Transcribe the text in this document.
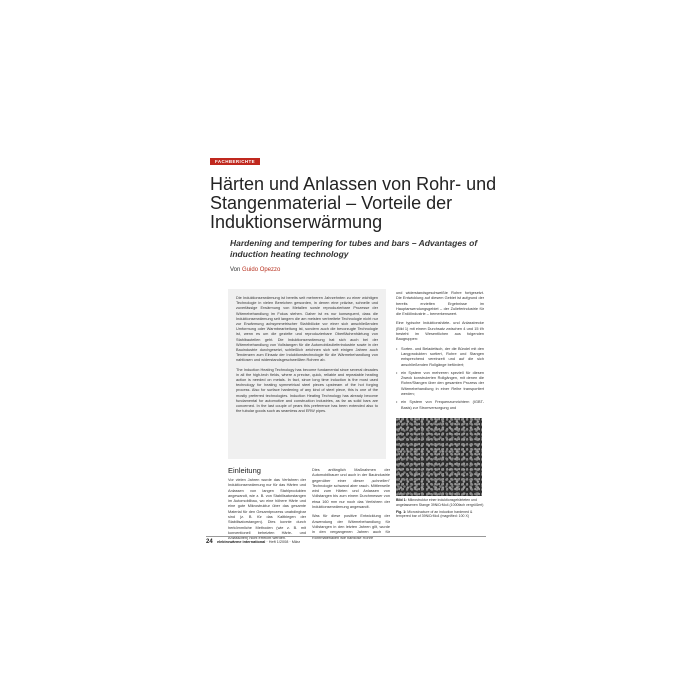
FACHBERICHTE
Härten und Anlassen von Rohr- und Stangenmaterial – Vorteile der Induktionserwärmung
Hardening and tempering for tubes and bars – Advantages of induction heating technology
Von Guido Opezzo

Die Induktionserwärmung ist bereits seit mehreren Jahrzehnten zu einer wichtigen Technologie in vielen Bereichen geworden, in denen eine präzise, schnelle und zuverlässige Erwärmung von Metallen sowie reproduzierbare Prozesse der Wärmebehandlung im Fokus stehen. Daher ist es nur konsequent, dass die Induktionserwärmung seit langem die am meisten verbreitete Technologie nicht nur zur Erwärmung achsymmetrischer Stahlblöcke vor einer sich anschließenden Umformung oder Warmbearbeitung ist, sondern auch die bevorzugte Technologie ist, wenn es um die gezielte und reproduzierbare Oberflächenhärtung von Stahlbauteilen geht. Die Induktionserwärmung hat sich auch bei der Wärmebehandlung von Vollstangen für die Automobilzulieferindustrie sowie in der Bauindustrie durchgesetzt, schließlich zeichnen sich seit einigen Jahren auch Tendenzen zum Einsatz der Induktionstechnologie für die Wärmebehandlung von nahtlosen und widerstandsgeschweißten Rohren ab.

The Induction Heating Technology has become fundamental since several decades in all the high-tech fields, where a precise, quick, reliable and repeatable heating action is needed on metals. In fact, since long time induction is the most used technology for heating symmetrical steel pieces upstream of the hot forging process. Also for surface hardening of any kind of steel piece, this is one of the mostly preferred technologies. Induction Heating Technology has already become fundamental for automotive and construction industries, as far as solid bars are concerned. In the last couple of years this preference has been extended also to the tubular goods such as seamless and ERW pipes.

und widerstandsgeschweißte Rohre fortgesetzt. Die Entwicklung auf diesem Gebiet ist aufgrund der bereits erzielten Ergebnisse im Hauptanwendungsgebiet – der Zulieferindustrie für die Erdölindustrie – bemerkenswert.

Eine typische Induktionshärte- und Anlasstrecke (Bild 1) mit einem Durchsatz zwischen 4 und 15 t/h besteht im Wesentlichen aus folgenden Baugruppen:

• Sorten- und Beladetisch, der die Bündel mit den Langprodukten sortiert, Rohre und Stangen entsprechend vereinzelt und auf die sich anschließenden Rollgänge befördert;
• ein System von mehreren speziell für diesen Zweck konstruierten Rollgängen, mit denen die Rohre/Stangen über den gesamten Prozess der Wärmebehandlung in einer Reihe transportiert werden;
• ein System von Frequenzumrichtern (IGBT-Basis) zur Stromversorgung und
Einleitung

Vor vielen Jahren wurde das Verfahren der Induktionserwärmung nur für das Härten und Anlassen von langen Stahlprodukten angewandt, wie z. B. von Stabilisatorstangen im Automobilbau, wo eine höhere Härte und eine gute Mikrostruktur über das gesamte Material für den Gesamtprozess unabdingbar sind (z. B. für das Kaltbiegen der Stabilisatorstangen). Dies konnte durch herkömmliche Methoden (wie z. B. mit konventionell beheizten Härte- und Anlassöfen) nicht erreicht werden.

Dies anfänglich Maßnahmen der Automobilbauer und auch in der Bauindustrie gegenüber einer dieser „schnellen" Technologie schwand aber rasch. Mittlerweile wird zum Härten und Anlassen von Vollstangen bis zum einem Durchmesser von etwa 160 mm nur noch das Verfahren der Induktionserwärmung angewandt.

Was für diese positive Entwicklung der Anwendung der Wärmebehandlung für Vollstangen in den letzten Jahren gilt, wurde in den vergangenen Jahren auch für Rohrmaterialien wie nahtlose Rohre

Bild 1: Mikrostruktur einer induktionsgehärteten und angelassenen Stange 39NiCrMo4 (1000fach vergrößert)

Fig. 1: Microstructure of an induction hardened & tempered bar of 39NiCrMo4 (magnified: 100 X)

24 elektrowärme international · Heft 1/2008 · März
